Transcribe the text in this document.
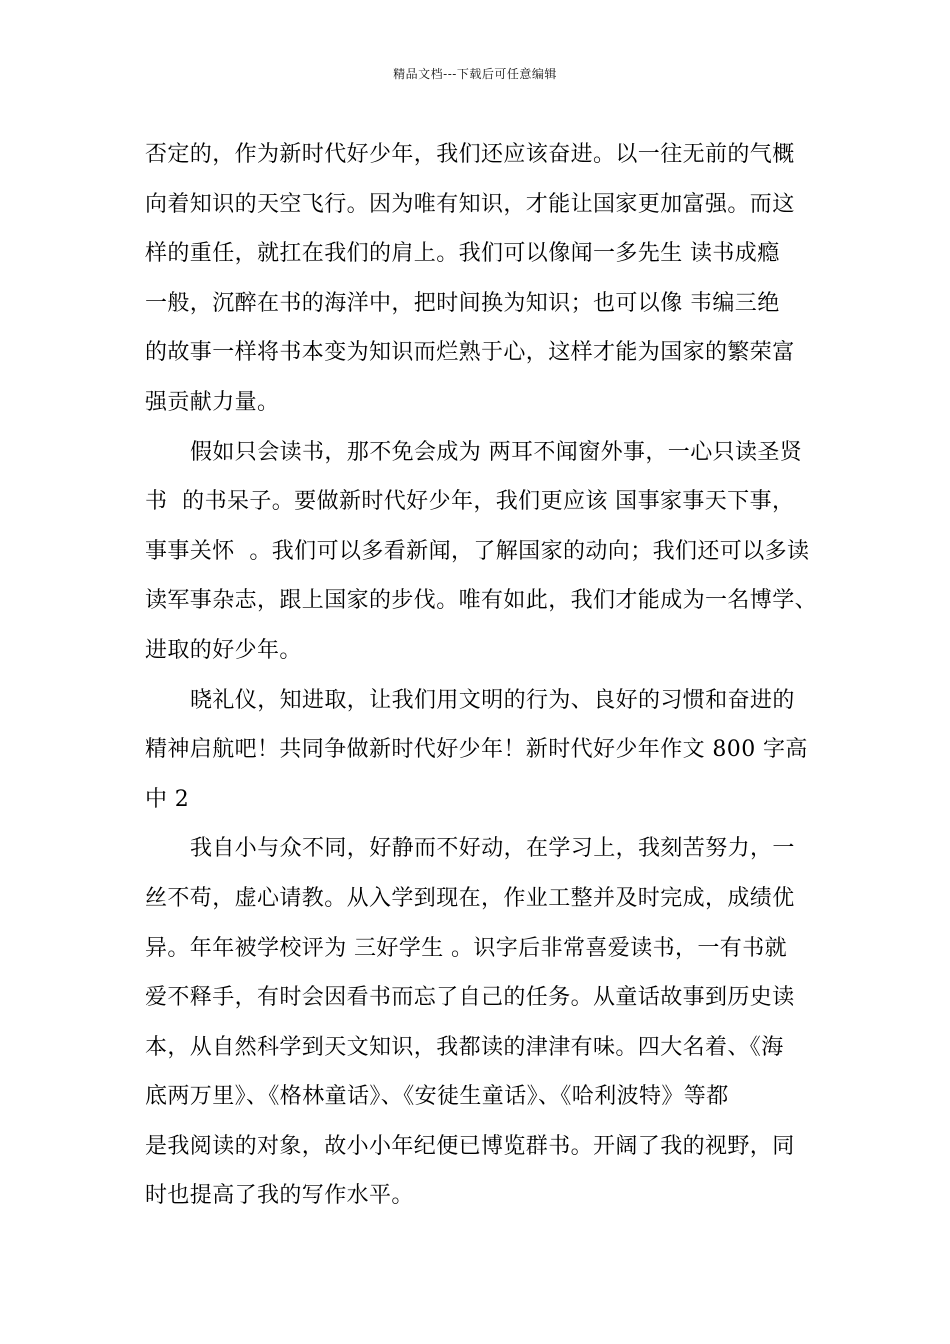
精品文档---下载后可任意编辑
否定的，作为新时代好少年，我们还应该奋进。以一往无前的气概
向着知识的天空飞行。因为唯有知识，才能让国家更加富强。而这
样的重任，就扛在我们的肩上。我们可以像闻一多先生 读书成瘾
一般，沉醉在书的海洋中，把时间换为知识；也可以像 韦编三绝
的故事一样将书本变为知识而烂熟于心，这样才能为国家的繁荣富
强贡献力量。
假如只会读书，那不免会成为 两耳不闻窗外事，一心只读圣贤
书  的书呆子。要做新时代好少年，我们更应该 国事家事天下事，
事事关怀  。我们可以多看新闻，了解国家的动向；我们还可以多读
读军事杂志，跟上国家的步伐。唯有如此，我们才能成为一名博学、
进取的好少年。
晓礼仪，知进取，让我们用文明的行为、良好的习惯和奋进的
精神启航吧！共同争做新时代好少年！新时代好少年作文 800 字高
中 2
我自小与众不同，好静而不好动，在学习上，我刻苦努力，一
丝不苟，虚心请教。从入学到现在，作业工整并及时完成，成绩优
异。年年被学校评为 三好学生 。识字后非常喜爱读书，一有书就
爱不释手，有时会因看书而忘了自己的任务。从童话故事到历史读
本，从自然科学到天文知识，我都读的津津有味。四大名着、《海
底两万里》、《格林童话》、《安徒生童话》、《哈利波特》等都
是我阅读的对象，故小小年纪便已博览群书。开阔了我的视野，同
时也提高了我的写作水平。
